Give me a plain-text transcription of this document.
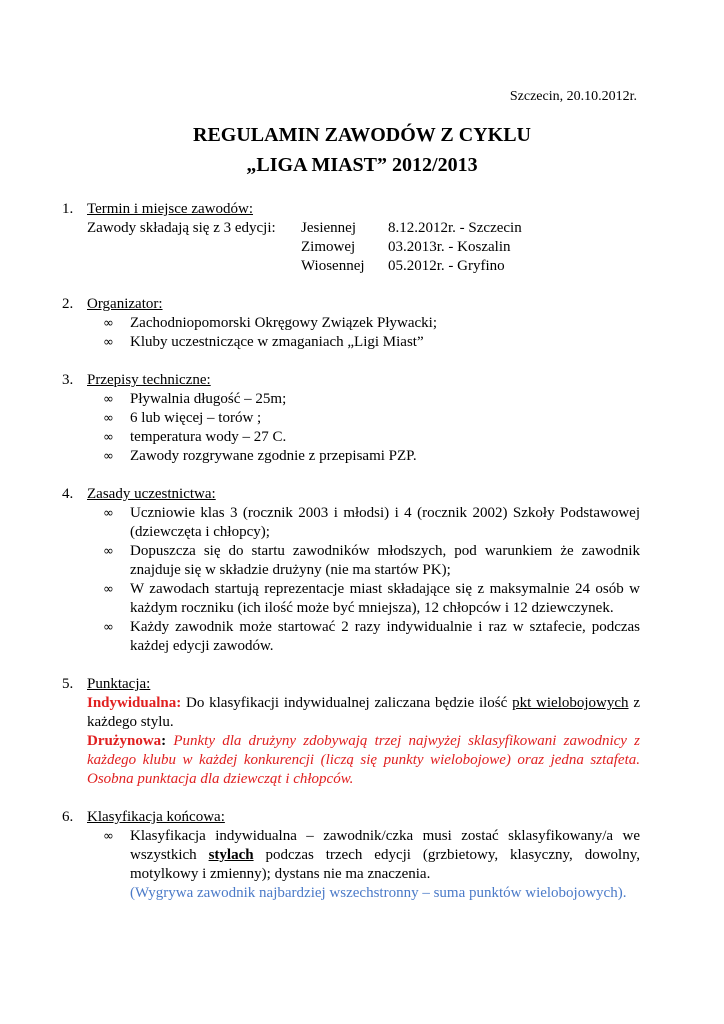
Szczecin, 20.10.2012r.
REGULAMIN ZAWODÓW Z CYKLU
„LIGA MIAST” 2012/2013
1. Termin i miejsce zawodów:
Zawody składają się z 3 edycji:	Jesiennej	8.12.2012r. - Szczecin
Zimowej	03.2013r. - Koszalin
Wiosennej	05.2012r. - Gryfino
2. Organizator:
∞ Zachodniopomorski Okręgowy Związek Pływacki;
∞ Kluby uczestniczące w zmaganiach „Ligi Miast”
3. Przepisy techniczne:
∞ Pływalnia długość – 25m;
∞ 6 lub więcej – torów ;
∞ temperatura wody – 27 C.
∞ Zawody rozgrywane zgodnie z przepisami PZP.
4. Zasady uczestnictwa:
∞ Uczniowie klas 3 (rocznik 2003 i młodsi) i 4 (rocznik 2002) Szkoły Podstawowej (dziewczęta i chłopcy);
∞ Dopuszcza się do startu zawodników młodszych, pod warunkiem że zawodnik znajduje się w składzie drużyny (nie ma startów PK);
∞ W zawodach startują reprezentacje miast składające się z maksymalnie 24 osób w każdym roczniku (ich ilość może być mniejsza), 12 chłopców i 12 dziewczynek.
∞ Każdy zawodnik może startować 2 razy indywidualnie i raz w sztafecie, podczas każdej edycji zawodów.
5. Punktacja:
Indywidualna: Do klasyfikacji indywidualnej zaliczana będzie ilość pkt wielobojowych z każdego stylu.
Drużynowa: Punkty dla drużyny zdobywają trzej najwyżej sklasyfikowani zawodnicy z każdego klubu w każdej konkurencji (liczą się punkty wielobojowe) oraz jedna sztafeta. Osobna punktacja dla dziewcząt i chłopców.
6. Klasyfikacja końcowa:
∞ Klasyfikacja indywidualna – zawodnik/czka musi zostać sklasyfikowany/a we wszystkich stylach podczas trzech edycji (grzbietowy, klasyczny, dowolny, motylkowy i zmienny); dystans nie ma znaczenia.
(Wygrywa zawodnik najbardziej wszechstronny – suma punktów wielobojowych).
